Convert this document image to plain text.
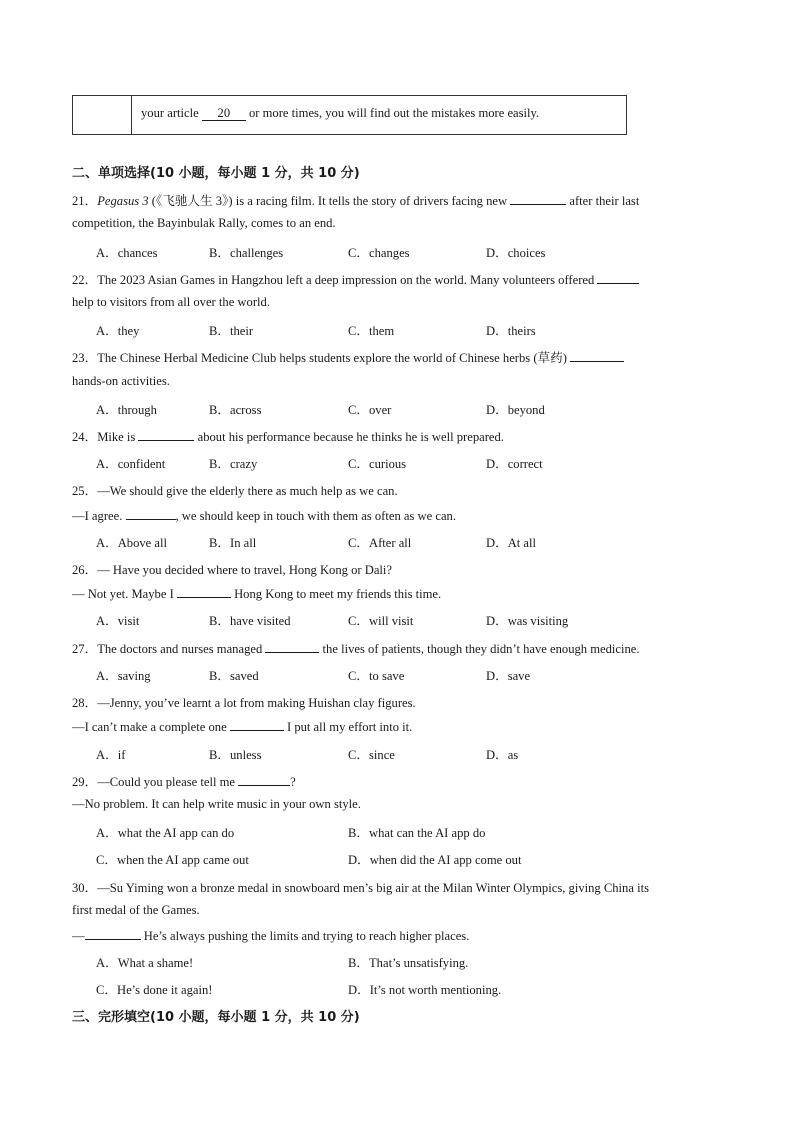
your article 20 or more times, you will find out the mistakes more easily.
二、单项选择(10 小题，每小题 1 分，共 10 分)
21．Pegasus 3 (《飞驰人生 3》) is a racing film. It tells the story of drivers facing new	after their last
competition, the Bayinbulak Rally, comes to an end.
A．chances	B．challenges	C．changes	D．choices
22．The 2023 Asian Games in Hangzhou left a deep impression on the world. Many volunteers offered
help to visitors from all over the world.
A．they	B．their	C．them	D．theirs
23．The Chinese Herbal Medicine Club helps students explore the world of Chinese herbs (草药)
hands-on activities.
A．through	B．across	C．over	D．beyond
24．Mike is	about his performance because he thinks he is well prepared.
A．confident	B．crazy	C．curious	D．correct
25．—We should give the elderly there as much help as we can.
—I agree.	, we should keep in touch with them as often as we can.
A．Above all	B．In all	C．After all	D．At all
26．— Have you decided where to travel, Hong Kong or Dali?
— Not yet. Maybe I	Hong Kong to meet my friends this time.
A．visit	B．have visited	C．will visit	D．was visiting
27．The doctors and nurses managed	the lives of patients, though they didn’t have enough medicine.
A．saving	B．saved	C．to save	D．save
28．—Jenny, you’ve learnt a lot from making Huishan clay figures.
—I can’t make a complete one	I put all my effort into it.
A．if	B．unless	C．since	D．as
29．—Could you please tell me	?
—No problem. It can help write music in your own style.
A．what the AI app can do	B．what can the AI app do
C．when the AI app came out	D．when did the AI app come out
30．—Su Yiming won a bronze medal in snowboard men’s big air at the Milan Winter Olympics, giving China its
first medal of the Games.
—	He’s always pushing the limits and trying to reach higher places.
A．What a shame!	B．That’s unsatisfying.
C．He’s done it again!	D．It’s not worth mentioning.
三、完形填空(10 小题，每小题 1 分，共 10 分)
